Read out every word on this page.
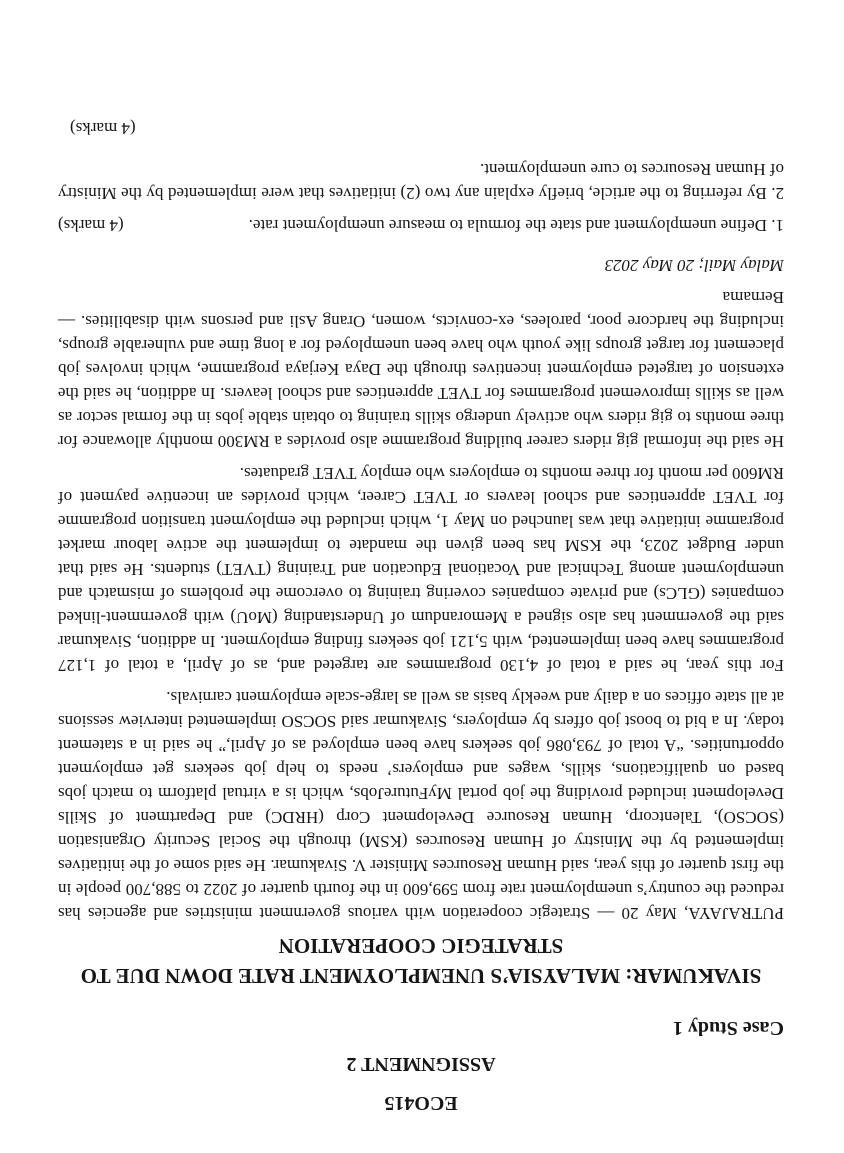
ECO415
ASSIGNMENT 2
Case Study 1
SIVAKUMAR: MALAYSIA’S UNEMPLOYMENT RATE DOWN DUE TO
STRATEGIC COOPERATION

PUTRAJAYA, May 20 — Strategic cooperation with various government ministries and agencies has reduced the country’s unemployment rate from 599,600 in the fourth quarter of 2022 to 588,700 people in the first quarter of this year, said Human Resources Minister V. Sivakumar. He said some of the initiatives implemented by the Ministry of Human Resources (KSM) through the Social Security Organisation (SOCSO), Talentcorp, Human Resource Development Corp (HRDC) and Department of Skills Development included providing the job portal MyFutureJobs, which is a virtual platform to match jobs based on qualifications, skills, wages and employers’ needs to help job seekers get employment opportunities. “A total of 793,086 job seekers have been employed as of April,” he said in a statement today. In a bid to boost job offers by employers, Sivakumar said SOCSO implemented interview sessions at all state offices on a daily and weekly basis as well as large-scale employment carnivals.

For this year, he said a total of 4,130 programmes are targeted and, as of April, a total of 1,127 programmes have been implemented, with 5,121 job seekers finding employment. In addition, Sivakumar said the government has also signed a Memorandum of Understanding (MoU) with government-linked companies (GLCs) and private companies covering training to overcome the problems of mismatch and unemployment among Technical and Vocational Education and Training (TVET) students. He said that under Budget 2023, the KSM has been given the mandate to implement the active labour market programme initiative that was launched on May 1, which included the employment transition programme for TVET apprentices and school leavers or TVET Career, which provides an incentive payment of RM600 per month for three months to employers who employ TVET graduates.

He said the informal gig riders career building programme also provides a RM300 monthly allowance for three months to gig riders who actively undergo skills training to obtain stable jobs in the formal sector as well as skills improvement programmes for TVET apprentices and school leavers. In addition, he said the extension of targeted employment incentives through the Daya Kerjaya programme, which involves job placement for target groups like youth who have been unemployed for a long time and vulnerable groups, including the hardcore poor, parolees, ex-convicts, women, Orang Asli and persons with disabilities. — Bernama

Malay Mail; 20 May 2023

1. Define unemployment and state the formula to measure unemployment rate.
(4 marks)

2. By referring to the article, briefly explain any two (2) initiatives that were implemented by the Ministry of Human Resources to cure unemployment.

(4 marks)
